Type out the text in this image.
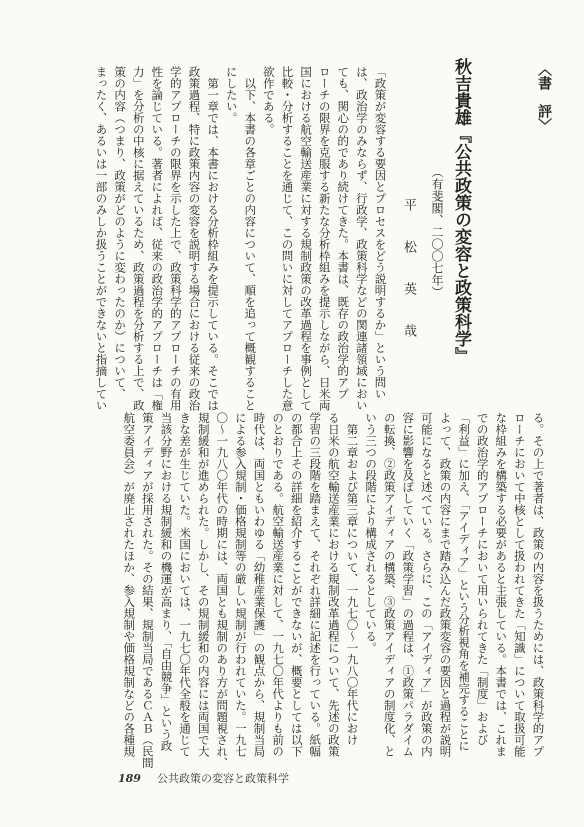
〈書　評〉
秋吉貴雄『公共政策の変容と政策科学』
（有斐閣、二〇〇七年）
平　松　英　哉
「政策が変容する要因とプロセスをどう説明するか」という問い
は、政治学のみならず、行政学、政策科学などの関連諸領域におい
ても、関心の的であり続けてきた。本書は、既存の政治学的アプ
ローチの限界を克服する新たな分析枠組みを提示しながら、日米両
国における航空輸送産業に対する規制政策の改革過程を事例として
比較・分析することを通じて、この問いに対してアプローチした意
欲作である。
　以下、本書の各章ごとの内容について、順を追って概観すること
にしたい。
　第一章では、本書における分析枠組みを提示している。そこでは
政策過程、特に政策内容の変容を説明する場合における従来の政治
学的アプローチの限界を示した上で、政策科学的アプローチの有用
性を論じている。著者によれば、従来の政治学的アプローチは「権
力」を分析の中核に据えているため、政策過程を分析する上で、政
策の内容（つまり、政策がどのように変わったのか）について、
まったく、あるいは一部のみしか扱うことができないと指摘してい
る。その上で著者は、政策の内容を扱うためには、政策科学的アプ
ローチにおいて中核として扱われてきた「知識」について取扱可能
な枠組みを構築する必要があると主張している。本書では、これま
での政治学的アプローチにおいて用いられてきた「制度」および
「利益」に加え、「アイディア」という分析視角を補完することに
よって、政策の内容にまで踏み込んだ政策変容の要因と過程が説明
可能になると述べている。さらに、この「アイディア」が政策の内
容に影響を及ぼしていく「政策学習」の過程は、①政策パラダイム
の転換、②政策アイディアの構築、③政策アイディアの制度化、と
いう三つの段階により構成されるとしている。
　第二章および第三章について、一九七〇～一九八〇年代におけ
る日米の航空輸送産業における規制改革過程について、先述の政策
学習の三段階を踏まえて、それぞれ詳細に記述を行っている。紙幅
の都合上その詳細を紹介することができないが、概要としては以下
のとおりである。航空輸送産業に対して、一九七〇年代よりも前の
時代は、両国ともいわゆる「幼稚産業保護」の観点から、規制当局
による参入規制・価格規制等の厳しい規制が行われていた。一九七
〇～一九八〇年代の時期には、両国とも規制のあり方が問題視され、
規制緩和が進められた。しかし、その規制緩和の内容には両国で大
きな差が生じていた。米国においては、一九七〇年代全般を通じて
当該分野における規制緩和の機運が高まり、「自由競争」という政
策アイディアが採用された。その結果、規制当局であるＣＡＢ（民間
航空委員会）が廃止されたほか、参入規制や価格規制などの各種規
189 公共政策の変容と政策科学
